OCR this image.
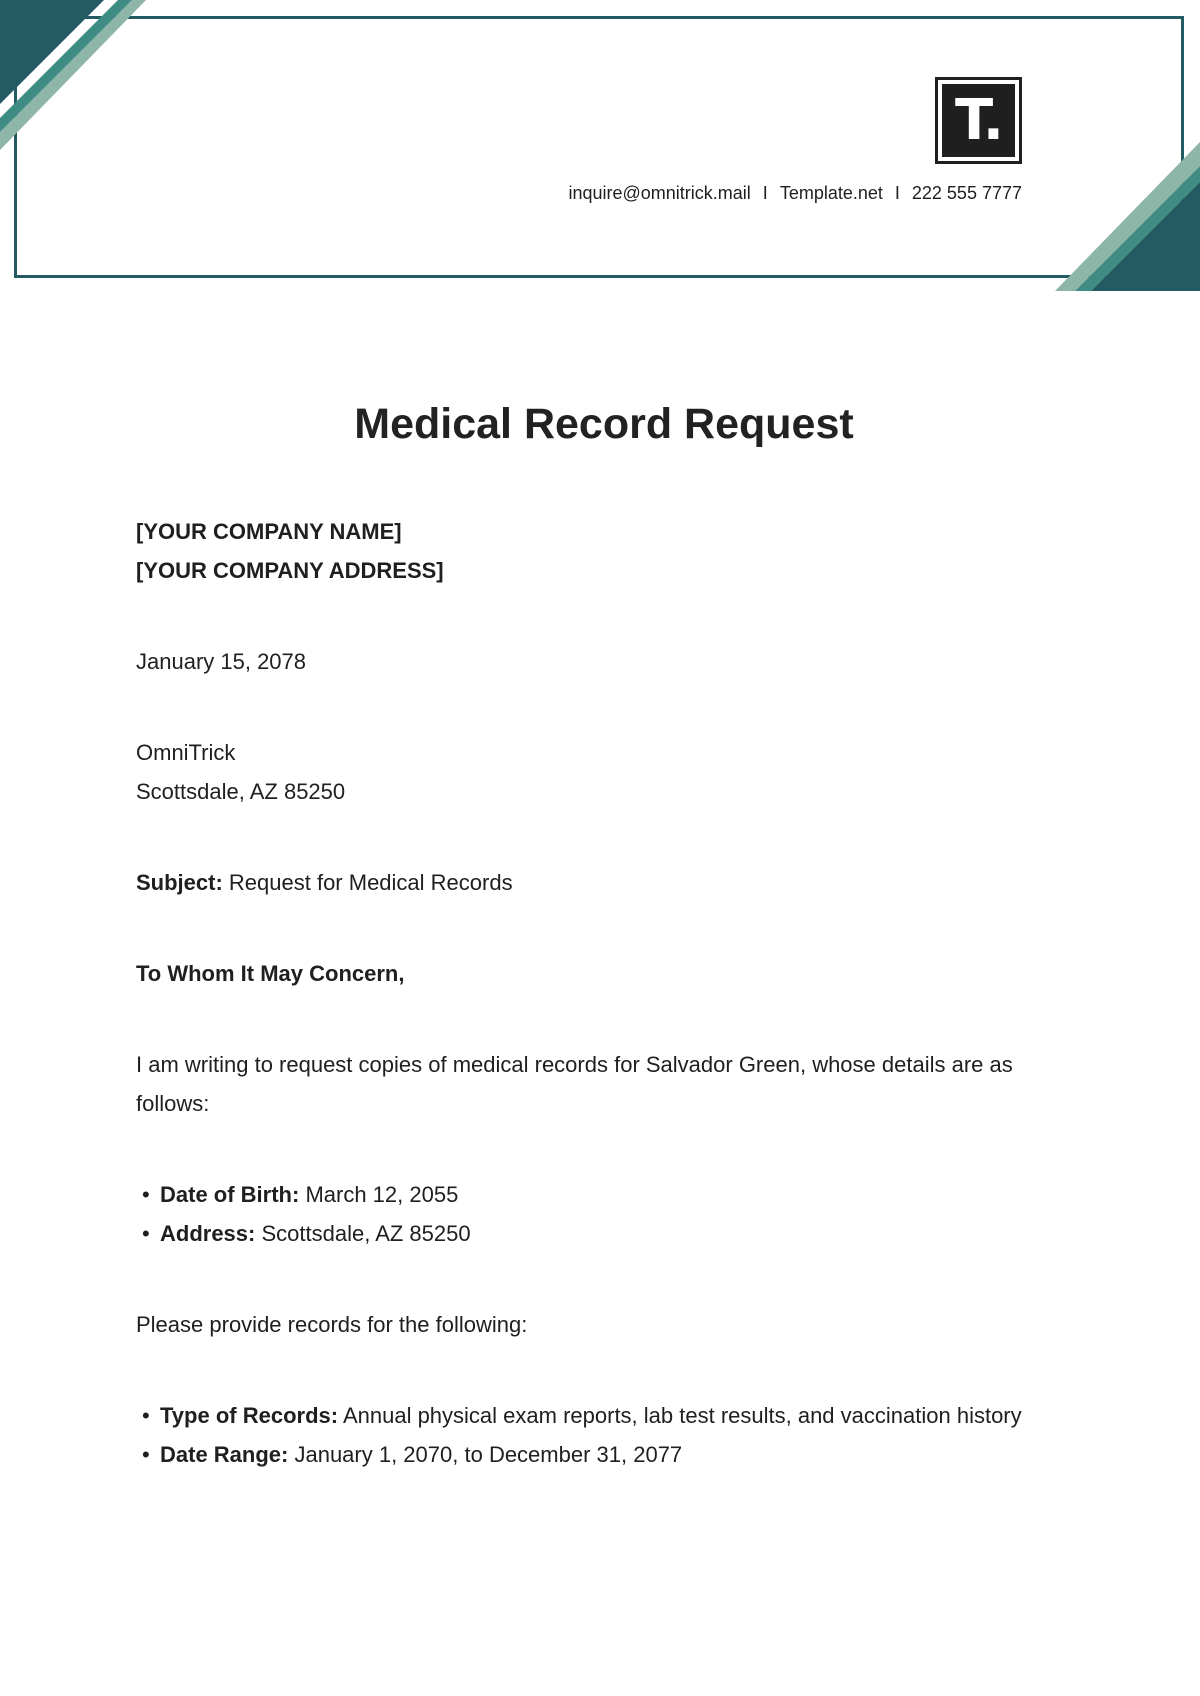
T.
inquire@omnitrick.mail I Template.net I 222 555 7777
Medical Record Request

[YOUR COMPANY NAME]

[YOUR COMPANY ADDRESS]

January 15, 2078

OmniTrick

Scottsdale, AZ 85250

Subject: Request for Medical Records

To Whom It May Concern,

I am writing to request copies of medical records for Salvador Green, whose details are as follows:

• Date of Birth: March 12, 2055
• Address: Scottsdale, AZ 85250

Please provide records for the following:

• Type of Records: Annual physical exam reports, lab test results, and vaccination history
• Date Range: January 1, 2070, to December 31, 2077
